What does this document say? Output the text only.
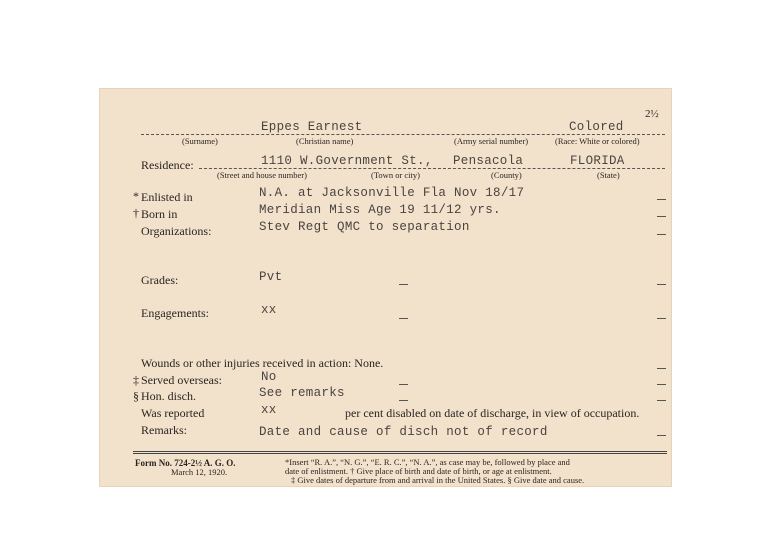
2½
Eppes Earnest	Colored
(Surname)	(Christian name)	(Army serial number)	(Race: White or colored)
Residence:	1110 W.Government St., Pensacola	FLORIDA
(Street and house number)	(Town or city)	(County)	(State)
* Enlisted in	N.A. at Jacksonville Fla Nov 18/17
† Born in	Meridian Miss Age 19 11/12 yrs.
Organizations:	Stev Regt QMC to separation
Grades:	Pvt
Engagements:	xx
Wounds or other injuries received in action: None.
‡ Served overseas:	No
§ Hon. disch.	See remarks
Was reported	xx	per cent disabled on date of discharge, in view of occupation.
Remarks:	Date and cause of disch not of record
Form No. 724-2½ A. G. O.
March 12, 1920.
*Insert “R. A.”, “N. G.”, “E. R. C.”, “N. A.”, as case may be, followed by place and
date of enlistment. † Give place of birth and date of birth, or age at enlistment.
‡ Give dates of departure from and arrival in the United States. § Give date and cause.
